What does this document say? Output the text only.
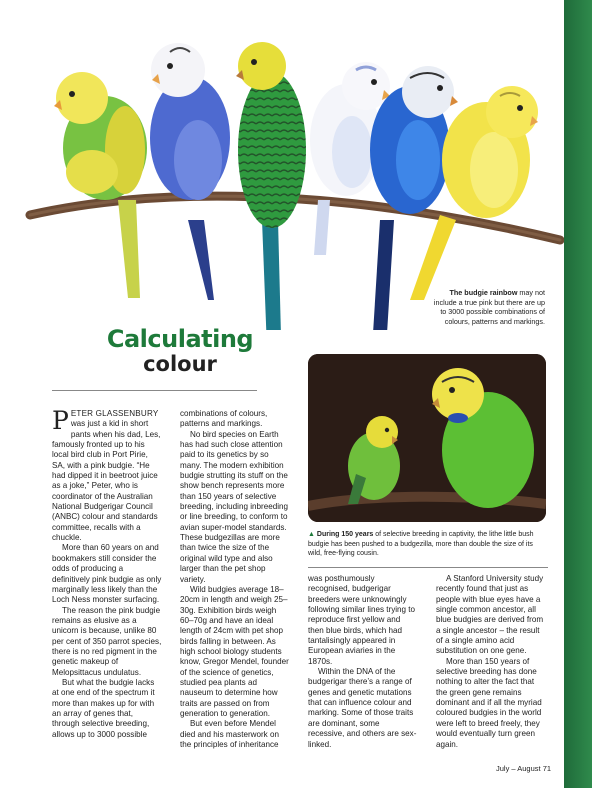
The budgie rainbow may not include a true pink but there are up to 3000 possible combinations of colours, patterns and markings.
Calculating
colour
▲ During 150 years of selective breeding in captivity, the lithe little bush budgie has been pushed to a budgezilla, more than double the size of its wild, free-flying cousin.

P ETER GLASSENBURY was just a kid in short pants when his dad, Les, famously fronted up to his local bird club in Port Pirie, SA, with a pink budgie. “He had dipped it in beetroot juice as a joke,” Peter, who is coordinator of the Australian National Budgerigar Council (ANBC) colour and standards committee, recalls with a chuckle.

More than 60 years on and bookmakers still consider the odds of producing a definitively pink budgie as only marginally less likely than the Loch Ness monster surfacing.

The reason the pink budgie remains as elusive as a unicorn is because, unlike 80 per cent of 350 parrot species, there is no red pigment in the genetic makeup of Melopsittacus undulatus.

But what the budgie lacks at one end of the spectrum it more than makes up for with an array of genes that, through selective breeding, allows up to 3000 possible

combinations of colours, patterns and markings.

No bird species on Earth has had such close attention paid to its genetics by so many. The modern exhibition budgie strutting its stuff on the show bench represents more than 150 years of selective breeding, including inbreeding or line breeding, to conform to avian super-model standards. These budgezillas are more than twice the size of the original wild type and also larger than the pet shop variety.

Wild budgies average 18–20cm in length and weigh 25–30g. Exhibition birds weigh 60–70g and have an ideal length of 24cm with pet shop birds falling in between. As high school biology students know, Gregor Mendel, founder of the science of genetics, studied pea plants ad nauseum to determine how traits are passed on from generation to generation.

But even before Mendel died and his masterwork on the principles of inheritance

was posthumously recognised, budgerigar breeders were unknowingly following similar lines trying to reproduce first yellow and then blue birds, which had tantalisingly appeared in European aviaries in the 1870s.

Within the DNA of the budgerigar there’s a range of genes and genetic mutations that can influence colour and marking. Some of those traits are dominant, some recessive, and others are sex-linked.

A Stanford University study recently found that just as people with blue eyes have a single common ancestor, all blue budgies are derived from a single ancestor – the result of a single amino acid substitution on one gene.

More than 150 years of selective breeding has done nothing to alter the fact that the green gene remains dominant and if all the myriad coloured budgies in the world were left to breed freely, they would eventually turn green again.

July – August 71
